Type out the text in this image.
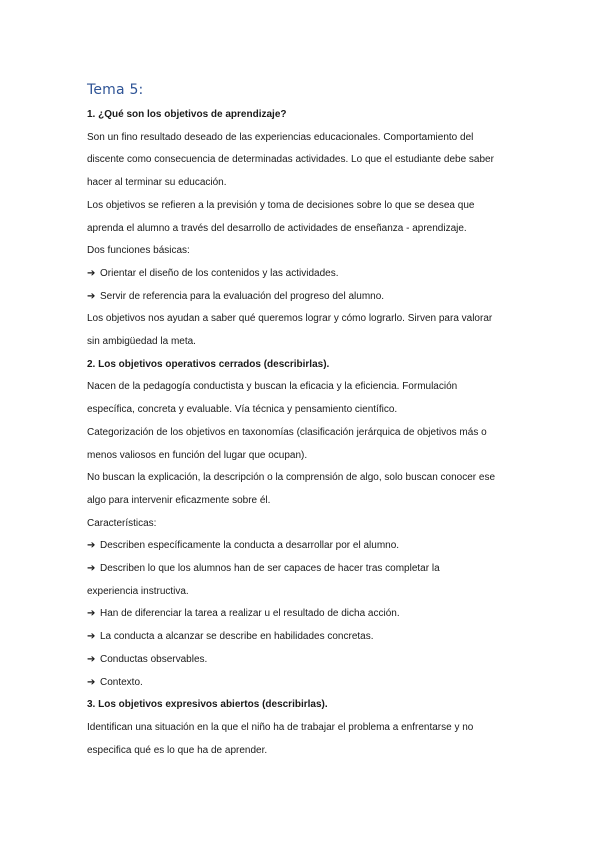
Tema 5:

1. ¿Qué son los objetivos de aprendizaje?

Son un fino resultado deseado de las experiencias educacionales. Comportamiento del

discente como consecuencia de determinadas actividades. Lo que el estudiante debe saber

hacer al terminar su educación.

Los objetivos se refieren a la previsión y toma de decisiones sobre lo que se desea que

aprenda el alumno a través del desarrollo de actividades de enseñanza - aprendizaje.

Dos funciones básicas:

➔ Orientar el diseño de los contenidos y las actividades.

➔ Servir de referencia para la evaluación del progreso del alumno.

Los objetivos nos ayudan a saber qué queremos lograr y cómo lograrlo. Sirven para valorar

sin ambigüedad la meta.

2. Los objetivos operativos cerrados (describirlas).

Nacen de la pedagogía conductista y buscan la eficacia y la eficiencia. Formulación

específica, concreta y evaluable. Vía técnica y pensamiento científico.

Categorización de los objetivos en taxonomías (clasificación jerárquica de objetivos más o

menos valiosos en función del lugar que ocupan).

No buscan la explicación, la descripción o la comprensión de algo, solo buscan conocer ese

algo para intervenir eficazmente sobre él.

Características:

➔ Describen específicamente la conducta a desarrollar por el alumno.

➔ Describen lo que los alumnos han de ser capaces de hacer tras completar la

experiencia instructiva.

➔ Han de diferenciar la tarea a realizar u el resultado de dicha acción.

➔ La conducta a alcanzar se describe en habilidades concretas.

➔ Conductas observables.

➔ Contexto.

3. Los objetivos expresivos abiertos (describirlas).

Identifican una situación en la que el niño ha de trabajar el problema a enfrentarse y no

especifica qué es lo que ha de aprender.
